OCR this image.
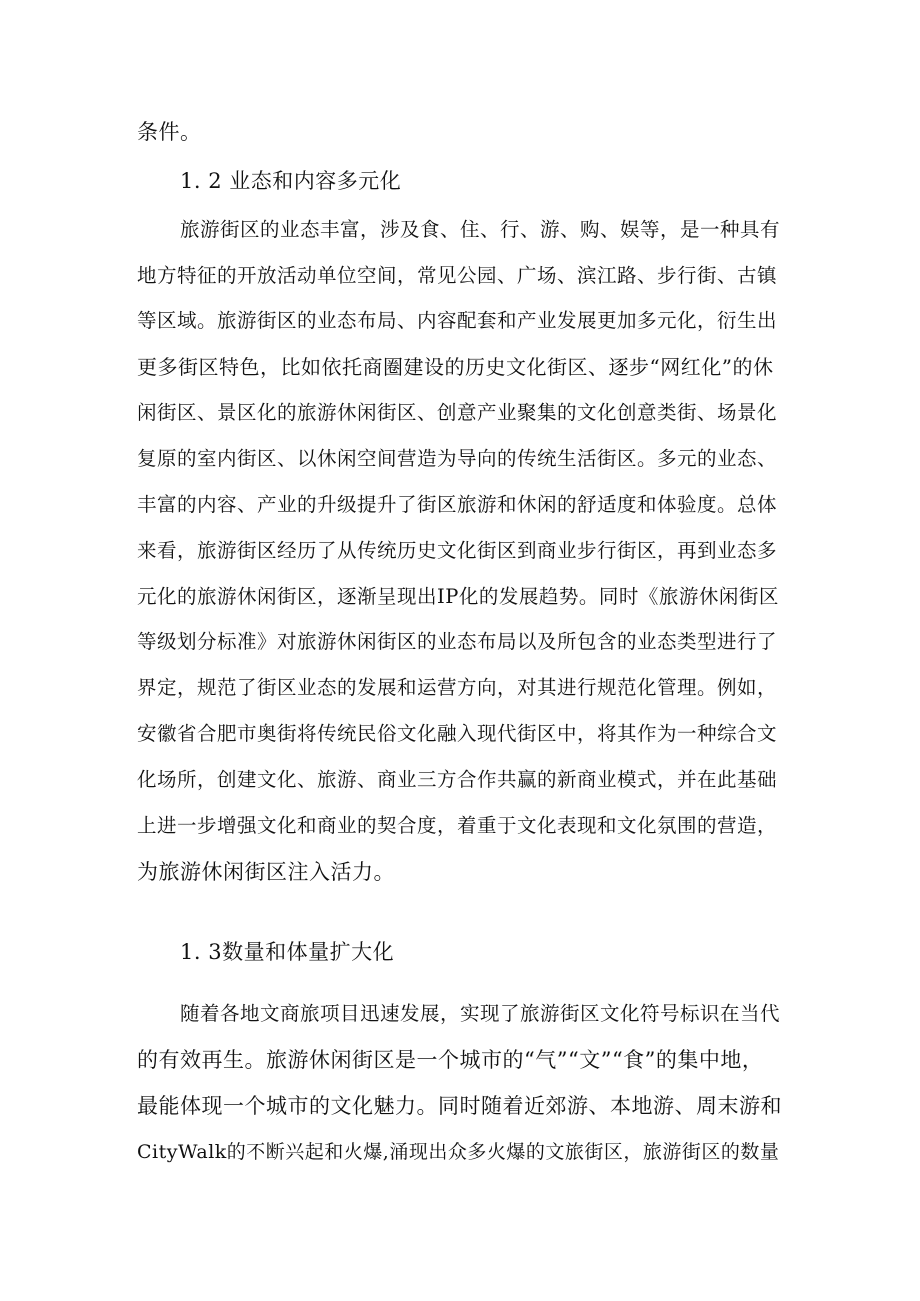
条件。
1. 2 业态和内容多元化
旅游街区的业态丰富，涉及食、住、行、游、购、娱等，是一种具有
地方特征的开放活动单位空间，常见公园、广场、滨江路、步行街、古镇
等区域。旅游街区的业态布局、内容配套和产业发展更加多元化，衍生出
更多街区特色，比如依托商圈建设的历史文化街区、逐步“网红化”的休
闲街区、景区化的旅游休闲街区、创意产业聚集的文化创意类街、场景化
复原的室内街区、以休闲空间营造为导向的传统生活街区。多元的业态、
丰富的内容、产业的升级提升了街区旅游和休闲的舒适度和体验度。总体
来看，旅游街区经历了从传统历史文化街区到商业步行街区，再到业态多
元化的旅游休闲街区，逐渐呈现出IP化的发展趋势。同时《旅游休闲街区
等级划分标准》对旅游休闲街区的业态布局以及所包含的业态类型进行了
界定，规范了街区业态的发展和运营方向，对其进行规范化管理。例如，
安徽省合肥市奥街将传统民俗文化融入现代街区中，将其作为一种综合文
化场所，创建文化、旅游、商业三方合作共赢的新商业模式，并在此基础
上进一步增强文化和商业的契合度，着重于文化表现和文化氛围的营造，
为旅游休闲街区注入活力。
1. 3数量和体量扩大化
随着各地文商旅项目迅速发展，实现了旅游街区文化符号标识在当代
的有效再生。旅游休闲街区是一个城市的“气”“文”“食”的集中地，
最能体现一个城市的文化魅力。同时随着近郊游、本地游、周末游和
CityWalk的不断兴起和火爆,涌现出众多火爆的文旅街区，旅游街区的数量
